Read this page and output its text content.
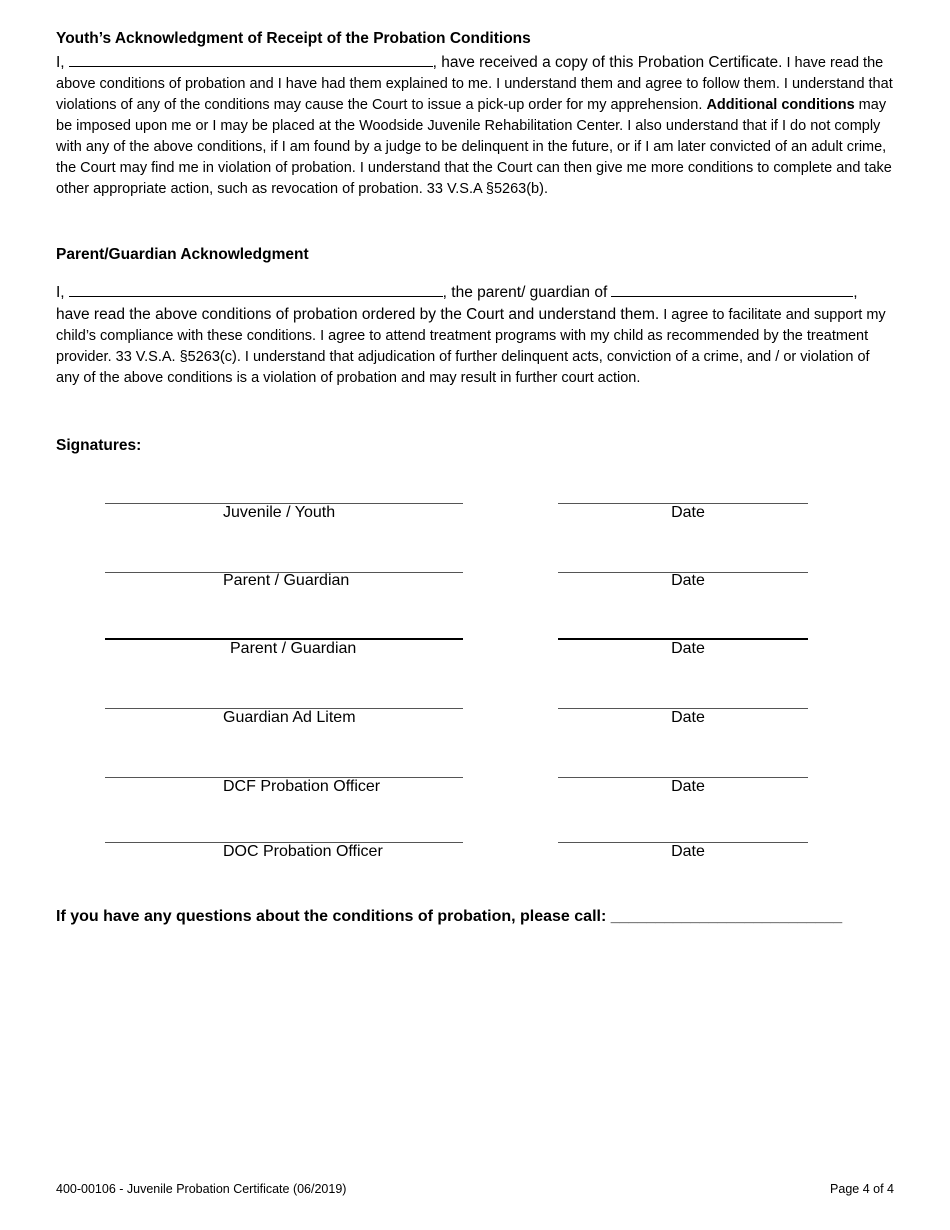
Youth’s Acknowledgment of Receipt of the Probation Conditions

I,	, have received a copy of this Probation Certificate. I have read the above conditions of probation and I have had them explained to me. I understand them and agree to follow them. I understand that violations of any of the conditions may cause the Court to issue a pick-up order for my apprehension. Additional conditions may be imposed upon me or I may be placed at the Woodside Juvenile Rehabilitation Center. I also understand that if I do not comply with any of the above conditions, if I am found by a judge to be delinquent in the future, or if I am later convicted of an adult crime, the Court may find me in violation of probation. I understand that the Court can then give me more conditions to complete and take other appropriate action, such as revocation of probation. 33 V.S.A §5263(b).

Parent/Guardian Acknowledgment

I,	, the parent/ guardian of	,
have read the above conditions of probation ordered by the Court and understand them. I agree to facilitate and support my child’s compliance with these conditions. I agree to attend treatment programs with my child as recommended by the treatment provider. 33 V.S.A. §5263(c). I understand that adjudication of further delinquent acts, conviction of a crime, and / or violation of any of the above conditions is a violation of probation and may result in further court action.

Signatures:
Juvenile / Youth	Date
Parent / Guardian	Date
Parent / Guardian	Date
Guardian Ad Litem	Date
DCF Probation Officer	Date
DOC Probation Officer	Date
If you have any questions about the conditions of probation, please call: __________________________
400-00106 - Juvenile Probation Certificate (06/2019)	Page 4 of 4
